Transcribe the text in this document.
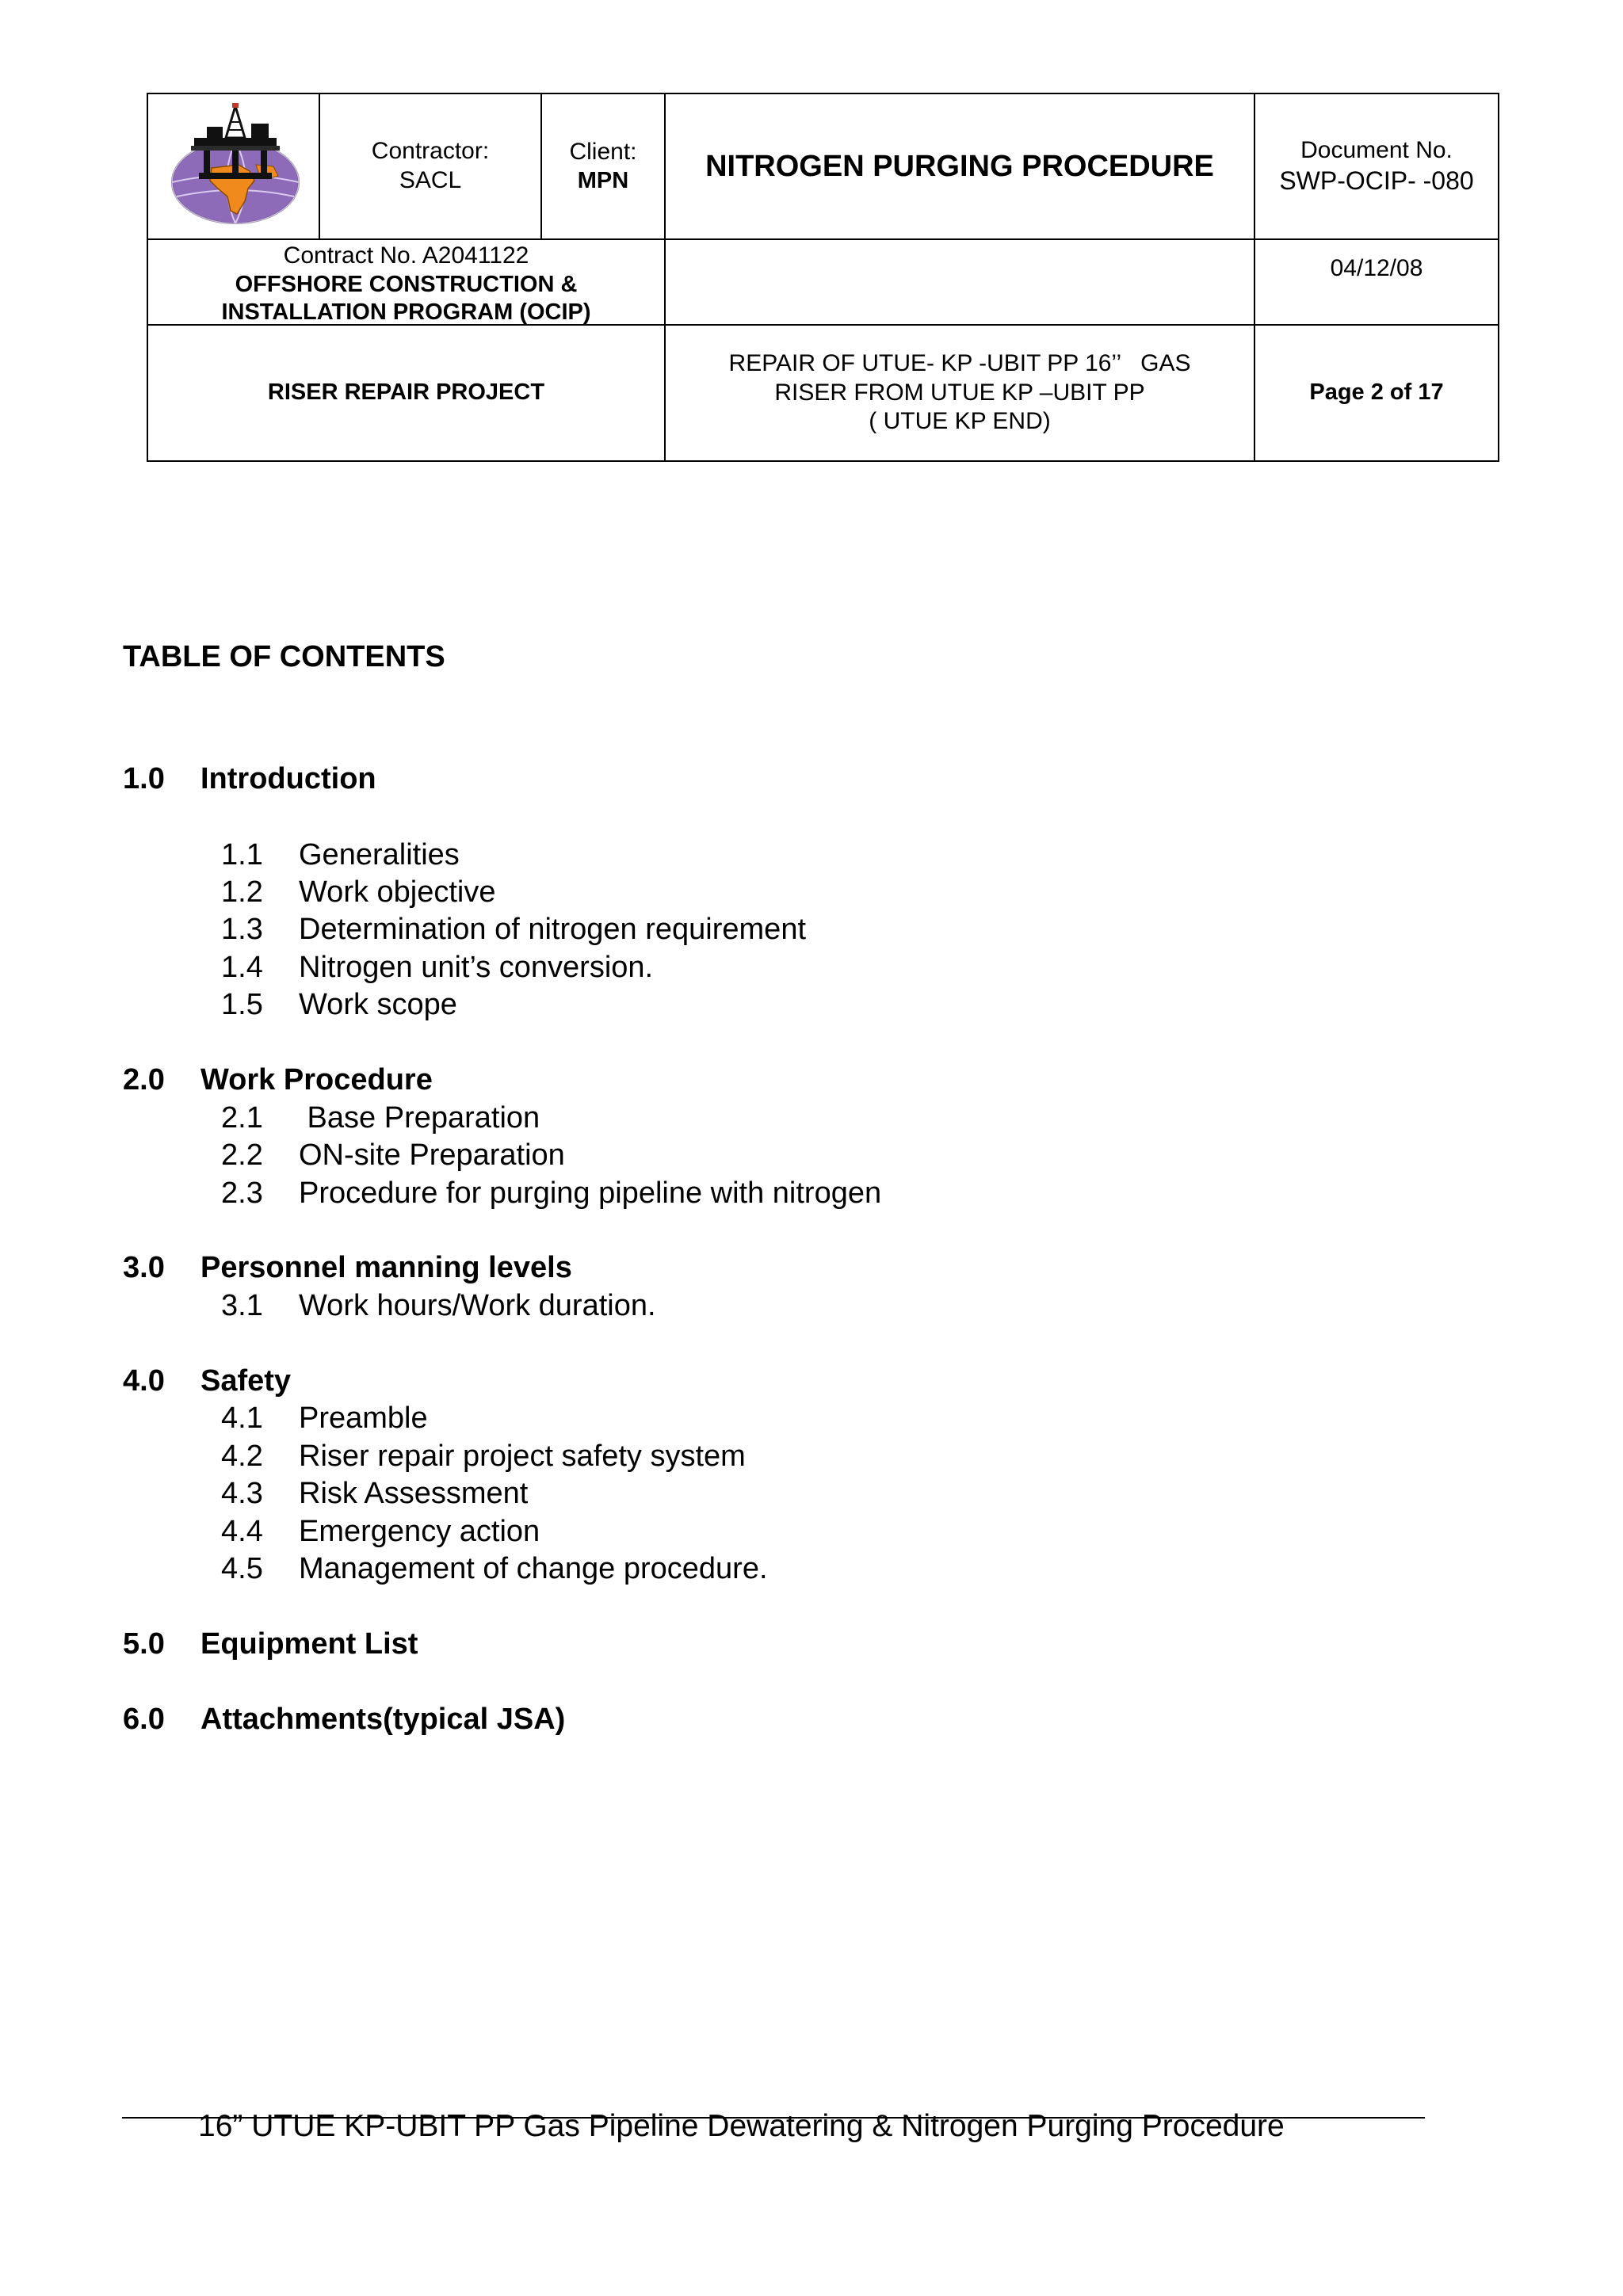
Contractor:
SACL
Client:
MPN	NITROGEN PURGING PROCEDURE	Document No.
SWP-OCIP- -080
Contract No. A2041122
OFFSHORE CONSTRUCTION &
INSTALLATION PROGRAM (OCIP)
04/12/08
RISER REPAIR PROJECT
REPAIR OF UTUE- KP -UBIT PP 16’’   GAS
RISER FROM UTUE KP –UBIT PP
( UTUE KP END)
Page 2 of 17
TABLE OF CONTENTS
1.0 Introduction
1.1 Generalities
1.2 Work objective
1.3 Determination of nitrogen requirement
1.4 Nitrogen unit’s conversion.
1.5 Work scope
2.0 Work Procedure
2.1 Base Preparation
2.2 ON-site Preparation
2.3 Procedure for purging pipeline with nitrogen
3.0 Personnel manning levels
3.1 Work hours/Work duration.
4.0 Safety
4.1 Preamble
4.2 Riser repair project safety system
4.3 Risk Assessment
4.4 Emergency action
4.5 Management of change procedure.
5.0 Equipment List
6.0 Attachments(typical JSA)
16” UTUE KP-UBIT PP Gas Pipeline Dewatering & Nitrogen Purging Procedure
